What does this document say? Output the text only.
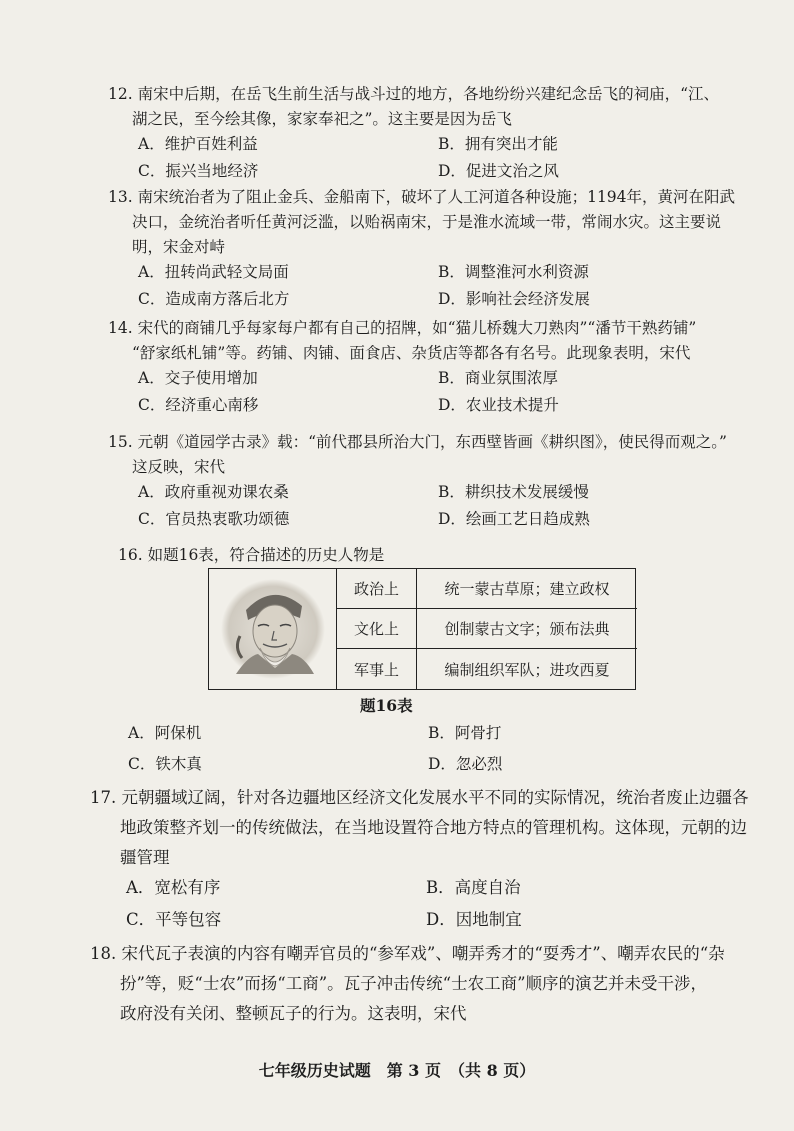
12. 南宋中后期，在岳飞生前生活与战斗过的地方，各地纷纷兴建纪念岳飞的祠庙，“江、
湖之民，至今绘其像，家家奉祀之”。这主要是因为岳飞
A．维护百姓利益	B．拥有突出才能
C．振兴当地经济	D．促进文治之风
13. 南宋统治者为了阻止金兵、金船南下，破坏了人工河道各种设施；1194年，黄河在阳武
决口，金统治者听任黄河泛滥，以贻祸南宋，于是淮水流域一带，常闹水灾。这主要说
明，宋金对峙
A．扭转尚武轻文局面	B．调整淮河水利资源
C．造成南方落后北方	D．影响社会经济发展
14. 宋代的商铺几乎每家每户都有自己的招牌，如“猫儿桥魏大刀熟肉”“潘节干熟药铺”
“舒家纸札铺”等。药铺、肉铺、面食店、杂货店等都各有名号。此现象表明，宋代
A．交子使用增加	B．商业氛围浓厚
C．经济重心南移	D．农业技术提升
15. 元朝《道园学古录》载：“前代郡县所治大门，东西壁皆画《耕织图》，使民得而观之。”
这反映，宋代
A．政府重视劝课农桑	B．耕织技术发展缓慢
C．官员热衷歌功颂德	D．绘画工艺日趋成熟
16. 如题16表，符合描述的历史人物是
政治上	统一蒙古草原；建立政权
文化上	创制蒙古文字；颁布法典
军事上	编制组织军队；进攻西夏
题16表
A．阿保机	B．阿骨打
C．铁木真	D．忽必烈
17. 元朝疆域辽阔，针对各边疆地区经济文化发展水平不同的实际情况，统治者废止边疆各
地政策整齐划一的传统做法，在当地设置符合地方特点的管理机构。这体现，元朝的边
疆管理
A．宽松有序	B．高度自治
C．平等包容	D．因地制宜
18. 宋代瓦子表演的内容有嘲弄官员的“参军戏”、嘲弄秀才的“耍秀才”、嘲弄农民的“杂
扮”等，贬“士农”而扬“工商”。瓦子冲击传统“士农工商”顺序的演艺并未受干涉，
政府没有关闭、整顿瓦子的行为。这表明，宋代
七年级历史试题　第 3 页　（共 8 页）
